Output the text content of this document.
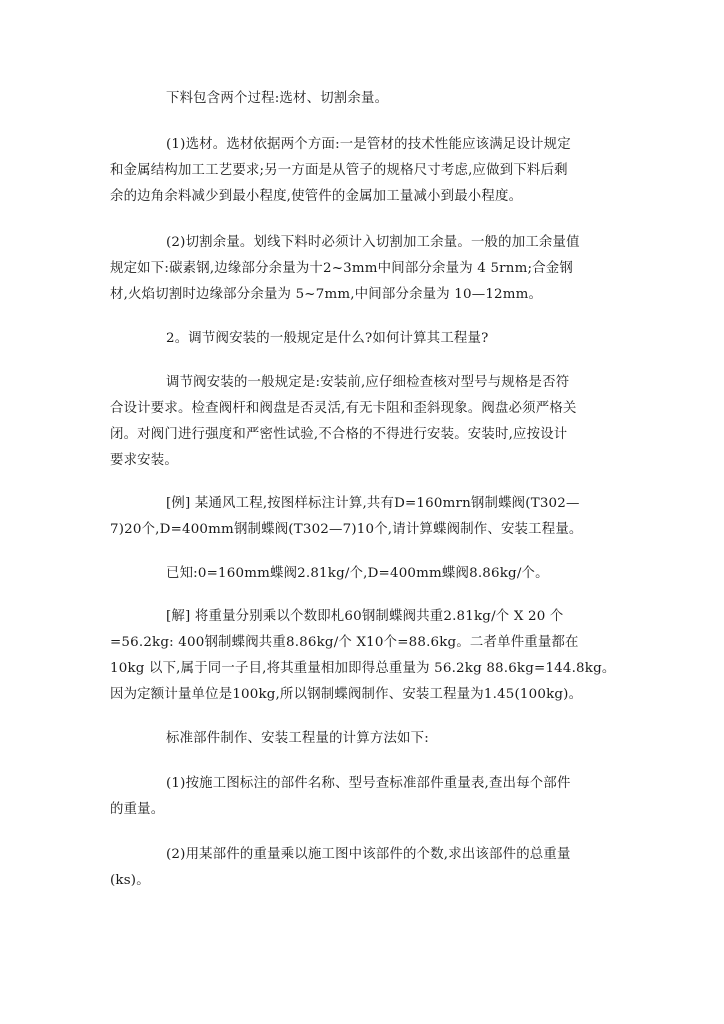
下料包含两个过程:选材、切割余量。
(1)选材。选材依据两个方面:一是管材的技术性能应该满足设计规定
和金属结构加工工艺要求;另一方面是从管子的规格尺寸考虑,应做到下料后剩
余的边角余料减少到最小程度,使管件的金属加工量减小到最小程度。
(2)切割余量。划线下料时必须计入切割加工余量。一般的加工余量值
规定如下:碳素钢,边缘部分余量为十2~3mm中间部分余量为 4 5rnm;合金钢
材,火焰切割时边缘部分余量为 5~7mm,中间部分余量为 10—12mm。
2。调节阀安装的一般规定是什么?如何计算其工程量?
调节阀安装的一般规定是:安装前,应仔细检查核对型号与规格是否符
合设计要求。检查阀杆和阀盘是否灵活,有无卡阻和歪斜现象。阀盘必须严格关
闭。对阀门进行强度和严密性试验,不合格的不得进行安装。安装时,应按设计
要求安装。
[例] 某通风工程,按图样标注计算,共有D=160mrn钢制蝶阀(T302—
7)20个,D=400mm钢制蝶阀(T302—7)10个,请计算蝶阀制作、安装工程量。
已知:0=160mm蝶阀2.81kg/个,D=400mm蝶阀8.86kg/个。
[解] 将重量分别乘以个数即札60钢制蝶阀共重2.81kg/个 X 20 个
=56.2kg: 400钢制蝶阀共重8.86kg/个 X10个=88.6kg。二者单件重量都在
10kg 以下,属于同一子目,将其重量相加即得总重量为 56.2kg 88.6kg=144.8kg。
因为定额计量单位是100kg,所以钢制蝶阀制作、安装工程量为1.45(100kg)。
标准部件制作、安装工程量的计算方法如下:
(1)按施工图标注的部件名称、型号查标准部件重量表,查出每个部件
的重量。
(2)用某部件的重量乘以施工图中该部件的个数,求出该部件的总重量
(ks)。
